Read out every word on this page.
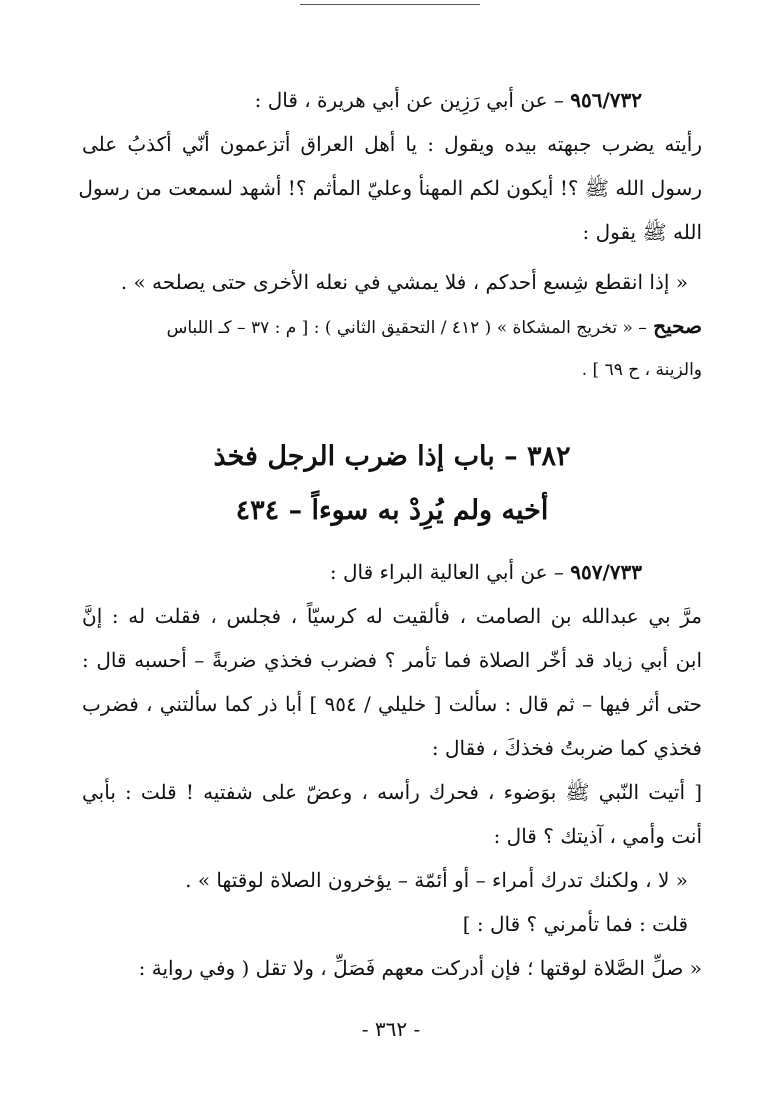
٩٥٦/٧٣٢ – عن أبي رَزِين عن أبي هريرة ، قال :
رأيته يضرب جبهته بيده ويقول : يا أهل العراق أتزعمون أنّي أكذبُ على
رسول الله ﷺ ؟! أيكون لكم المهنأ وعليّ المأثم ؟! أشهد لسمعت من رسول
الله ﷺ يقول :
« إذا انقطع شِسع أحدكم ، فلا يمشي في نعله الأخرى حتى يصلحه » .
صحيح – « تخريج المشكاة » ( ٤١٢ / التحقيق الثاني ) : [ م : ٣٧ – كـ اللباس
والزينة ، ح ٦٩ ] .
٣٨٢ – باب إذا ضرب الرجل فخذ
أخيه ولم يُرِدْ به سوءاً – ٤٣٤
٩٥٧/٧٣٣ – عن أبي العالية البراء قال :
مرَّ بي عبدالله بن الصامت ، فألقيت له كرسيّاً ، فجلس ، فقلت له : إنَّ
ابن أبي زياد قد أخّر الصلاة فما تأمر ؟ فضرب فخذي ضربةً – أحسبه قال :
حتى أثر فيها – ثم قال : سألت [ خليلي / ٩٥٤ ] أبا ذر كما سألتني ، فضرب
فخذي كما ضربتُ فخذكَ ، فقال :
[ أتيت النّبي ﷺ بوَضوء ، فحرك رأسه ، وعضّ على شفتيه ! قلت : بأبي
أنت وأمي ، آذيتك ؟ قال :
« لا ، ولكنك تدرك أمراء – أو أئمّة – يؤخرون الصلاة لوقتها » .
قلت : فما تأمرني ؟ قال : ]
« صلِّ الصَّلاة لوقتها ؛ فإن أدركت معهم فَصَلِّ ، ولا تقل ( وفي رواية :
- ٣٦٢ -
